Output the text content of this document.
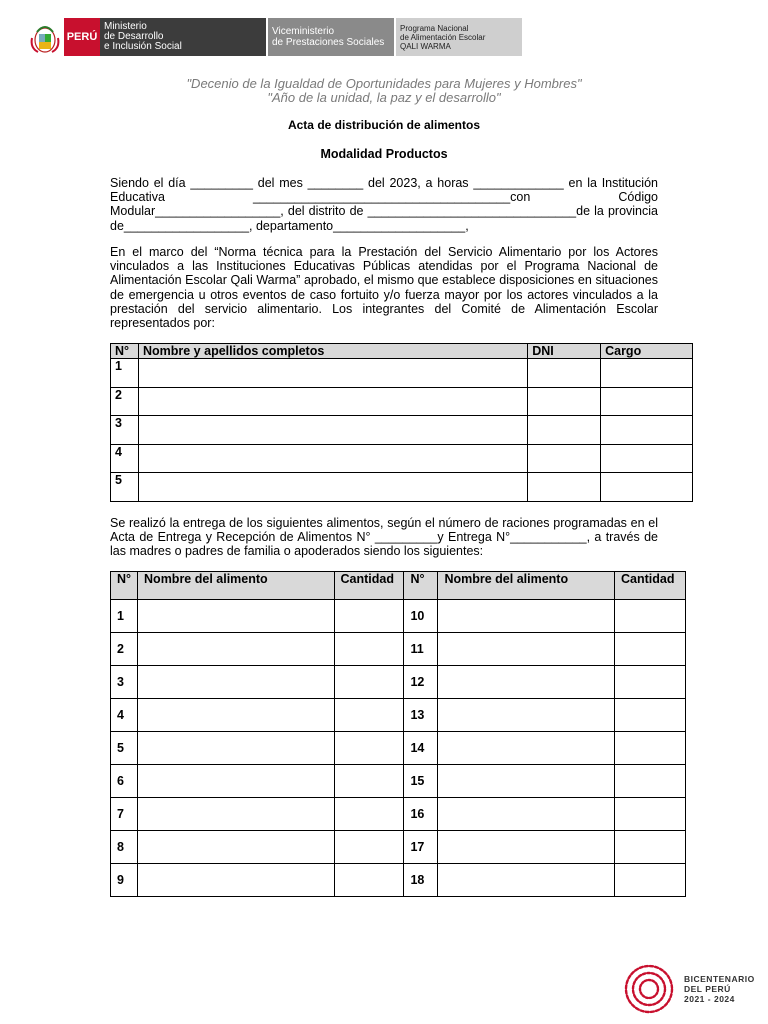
PERÚ
Ministerio
de Desarrollo
e Inclusión Social
Viceministerio
de Prestaciones Sociales
Programa Nacional
de Alimentación Escolar
QALI WARMA
"Decenio de la Igualdad de Oportunidades para Mujeres y Hombres"
"Año de la unidad, la paz y el desarrollo"
Acta de distribución de alimentos
Modalidad Productos
Siendo el día _________ del mes ________ del 2023, a horas _____________ en la Institución Educativa _____________________________________con Código Modular__________________, del distrito de ______________________________de la provincia de__________________, departamento___________________,
En el marco del “Norma técnica para la Prestación del Servicio Alimentario por los Actores vinculados a las Instituciones Educativas Públicas atendidas por el Programa Nacional de Alimentación Escolar Qali Warma” aprobado, el mismo que establece disposiciones en situaciones de emergencia u otros eventos de caso fortuito y/o fuerza mayor por los actores vinculados a la prestación del servicio alimentario. Los integrantes del Comité de Alimentación Escolar representados por:
N°	Nombre y apellidos completos	DNI	Cargo
1			
2			
3			
4			
5			
Se realizó la entrega de los siguientes alimentos, según el número de raciones programadas en el Acta de Entrega y Recepción de Alimentos N° _________y Entrega N°___________, a través de las madres o padres de familia o apoderados siendo los siguientes:
N°	Nombre del alimento	Cantidad	N°	Nombre del alimento	Cantidad
1			10		
2			11		
3			12		
4			13		
5			14		
6			15		
7			16		
8			17		
9			18		
BICENTENARIO
DEL PERÚ
2021 - 2024
